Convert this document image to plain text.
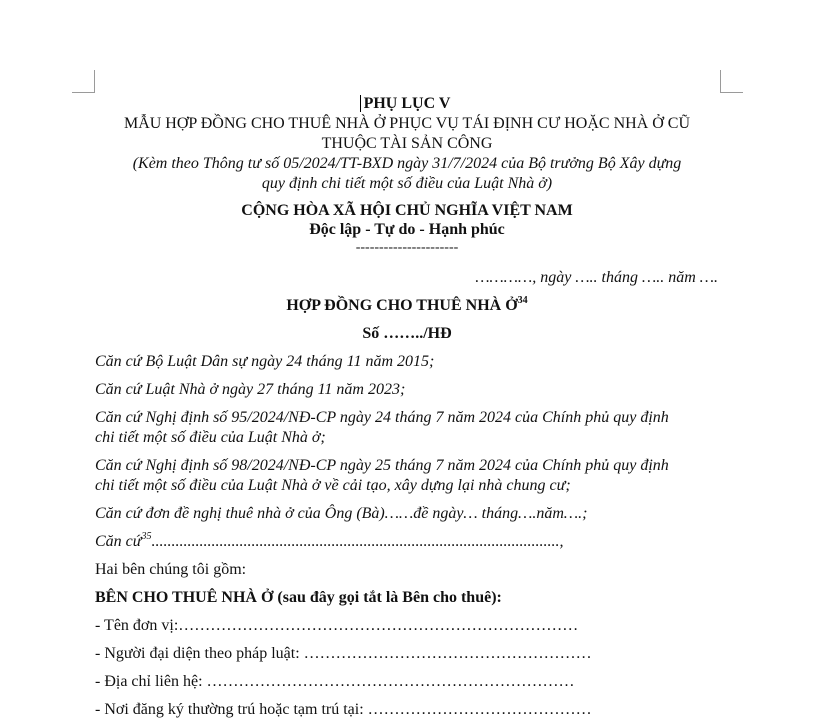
PHỤ LỤC V
MẪU HỢP ĐỒNG CHO THUÊ NHÀ Ở PHỤC VỤ TÁI ĐỊNH CƯ HOẶC NHÀ Ở CŨ
THUỘC TÀI SẢN CÔNG
(Kèm theo Thông tư số 05/2024/TT-BXD ngày 31/7/2024 của Bộ trưởng Bộ Xây dựng
quy định chi tiết một số điều của Luật Nhà ở)
CỘNG HÒA XÃ HỘI CHỦ NGHĨA VIỆT NAM
Độc lập - Tự do - Hạnh phúc
----------------------
…………, ngày ….. tháng ….. năm ….
HỢP ĐỒNG CHO THUÊ NHÀ Ở$^{34}$
Số ……../HĐ
Căn cứ Bộ Luật Dân sự ngày 24 tháng 11 năm 2015;
Căn cứ Luật Nhà ở ngày 27 tháng 11 năm 2023;
Căn cứ Nghị định số 95/2024/NĐ-CP ngày 24 tháng 7 năm 2024 của Chính phủ quy định
chi tiết một số điều của Luật Nhà ở;
Căn cứ Nghị định số 98/2024/NĐ-CP ngày 25 tháng 7 năm 2024 của Chính phủ quy định
chi tiết một số điều của Luật Nhà ở về cải tạo, xây dựng lại nhà chung cư;
Căn cứ đơn đề nghị thuê nhà ở của Ông (Bà)……đề ngày… tháng….năm….;
Căn cứ$^{35}$......................................................................................................,
Hai bên chúng tôi gồm:
BÊN CHO THUÊ NHÀ Ở (sau đây gọi tắt là Bên cho thuê):
- Tên đơn vị:…………………………………………………………………
- Người đại diện theo pháp luật: ………………………………………………
- Địa chỉ liên hệ: ……………………………………………………………
- Nơi đăng ký thường trú hoặc tạm trú tại: ……………………………………
